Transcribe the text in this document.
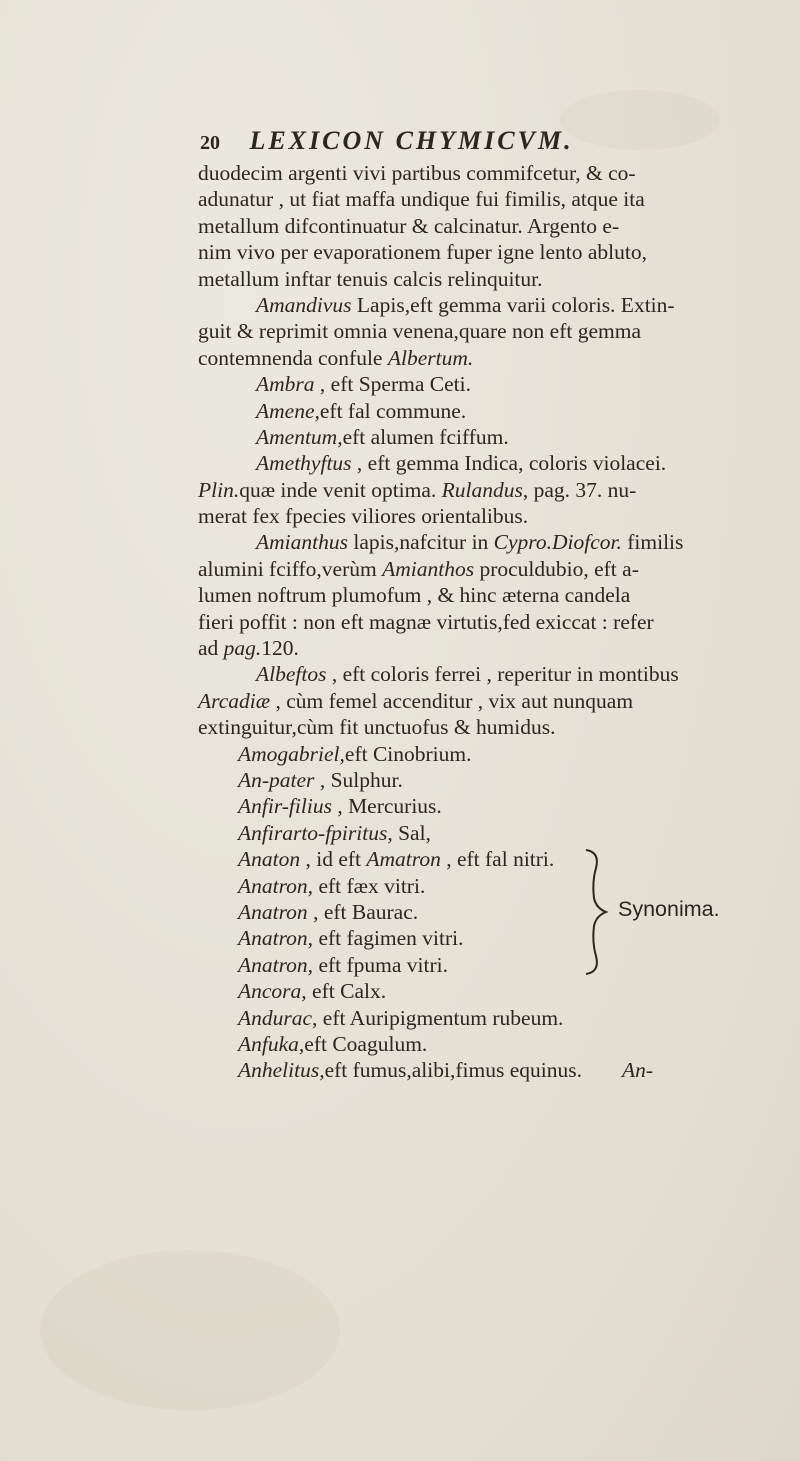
20 LEXICON CHYMICVM.
duodecim argenti vivi partibus commifcetur, & co-
adunatur , ut fiat maffa undique fui fimilis, atque ita
metallum difcontinuatur & calcinatur. Argento e-
nim vivo per evaporationem fuper igne lento abluto,
metallum inftar tenuis calcis relinquitur.
Amandivus Lapis,eft gemma varii coloris. Extin-
guit & reprimit omnia venena,quare non eft gemma
contemnenda confule Albertum.
Ambra , eft Sperma Ceti.
Amene,eft fal commune.
Amentum,eft alumen fciffum.
Amethyftus , eft gemma Indica, coloris violacei.
Plin.quæ inde venit optima. Rulandus, pag. 37. nu-
merat fex fpecies viliores orientalibus.
Amianthus lapis,nafcitur in Cypro.Diofcor. fimilis
alumini fciffo,verùm Amianthos proculdubio, eft a-
lumen noftrum plumofum , & hinc æterna candela
fieri poffit : non eft magnæ virtutis,fed exiccat : refer
ad pag.120.
Albeftos , eft coloris ferrei , reperitur in montibus
Arcadiæ , cùm femel accenditur , vix aut nunquam
extinguitur,cùm fit unctuofus & humidus.
Amogabriel,eft Cinobrium.
An-pater , Sulphur.
Anfir-filius , Mercurius.
Anfirarto-fpiritus, Sal,
Anaton , id eft Amatron , eft fal nitri.
Anatron, eft fæx vitri.
Anatron , eft Baurac.
Anatron, eft fagimen vitri.
Anatron, eft fpuma vitri.
Synonima.
Ancora, eft Calx.
Andurac, eft Auripigmentum rubeum.
Anfuka,eft Coagulum.
Anhelitus,eft fumus,alibi,fimus equinus. An-
